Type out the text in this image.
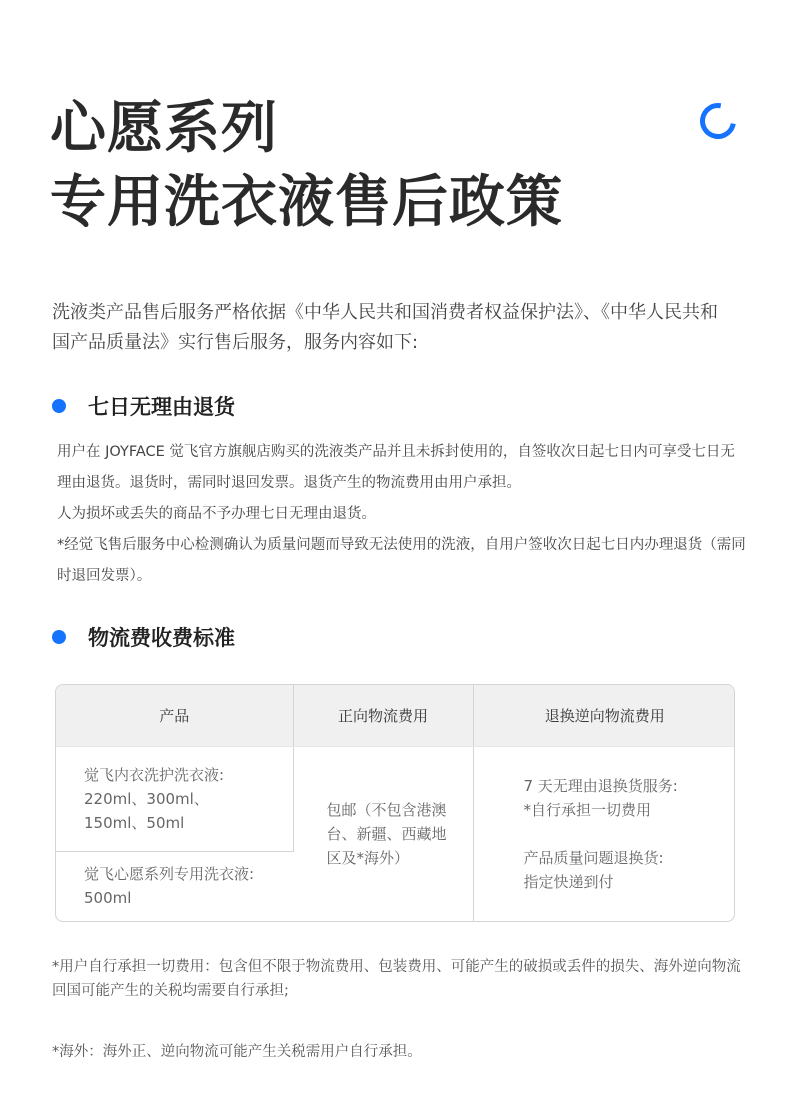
心愿系列
专用洗衣液售后政策

洗液类产品售后服务严格依据《中华人民共和国消费者权益保护法》、《中华人民共和国产品质量法》实行售后服务，服务内容如下:

七日无理由退货

用户在 JOYFACE 觉飞官方旗舰店购买的洗液类产品并且未拆封使用的，自签收次日起七日内可享受七日无理由退货。退货时，需同时退回发票。退货产生的物流费用由用户承担。

人为损坏或丢失的商品不予办理七日无理由退货。

*经觉飞售后服务中心检测确认为质量问题而导致无法使用的洗液，自用户签收次日起七日内办理退货（需同时退回发票）。

物流费收费标准
产品	正向物流费用	退换逆向物流费用

觉飞内衣洗护洗衣液:
220ml、300ml、
150ml、50ml	包邮（不包含港澳台、新疆、西藏地区及*海外）	7 天无理由退换货服务:
*自行承担一切费用
产品质量问题退换货:
指定快递到付

觉飞心愿系列专用洗衣液:
500ml		

*用户自行承担一切费用：包含但不限于物流费用、包装费用、可能产生的破损或丢件的损失、海外逆向物流回国可能产生的关税均需要自行承担;

*海外：海外正、逆向物流可能产生关税需用户自行承担。
